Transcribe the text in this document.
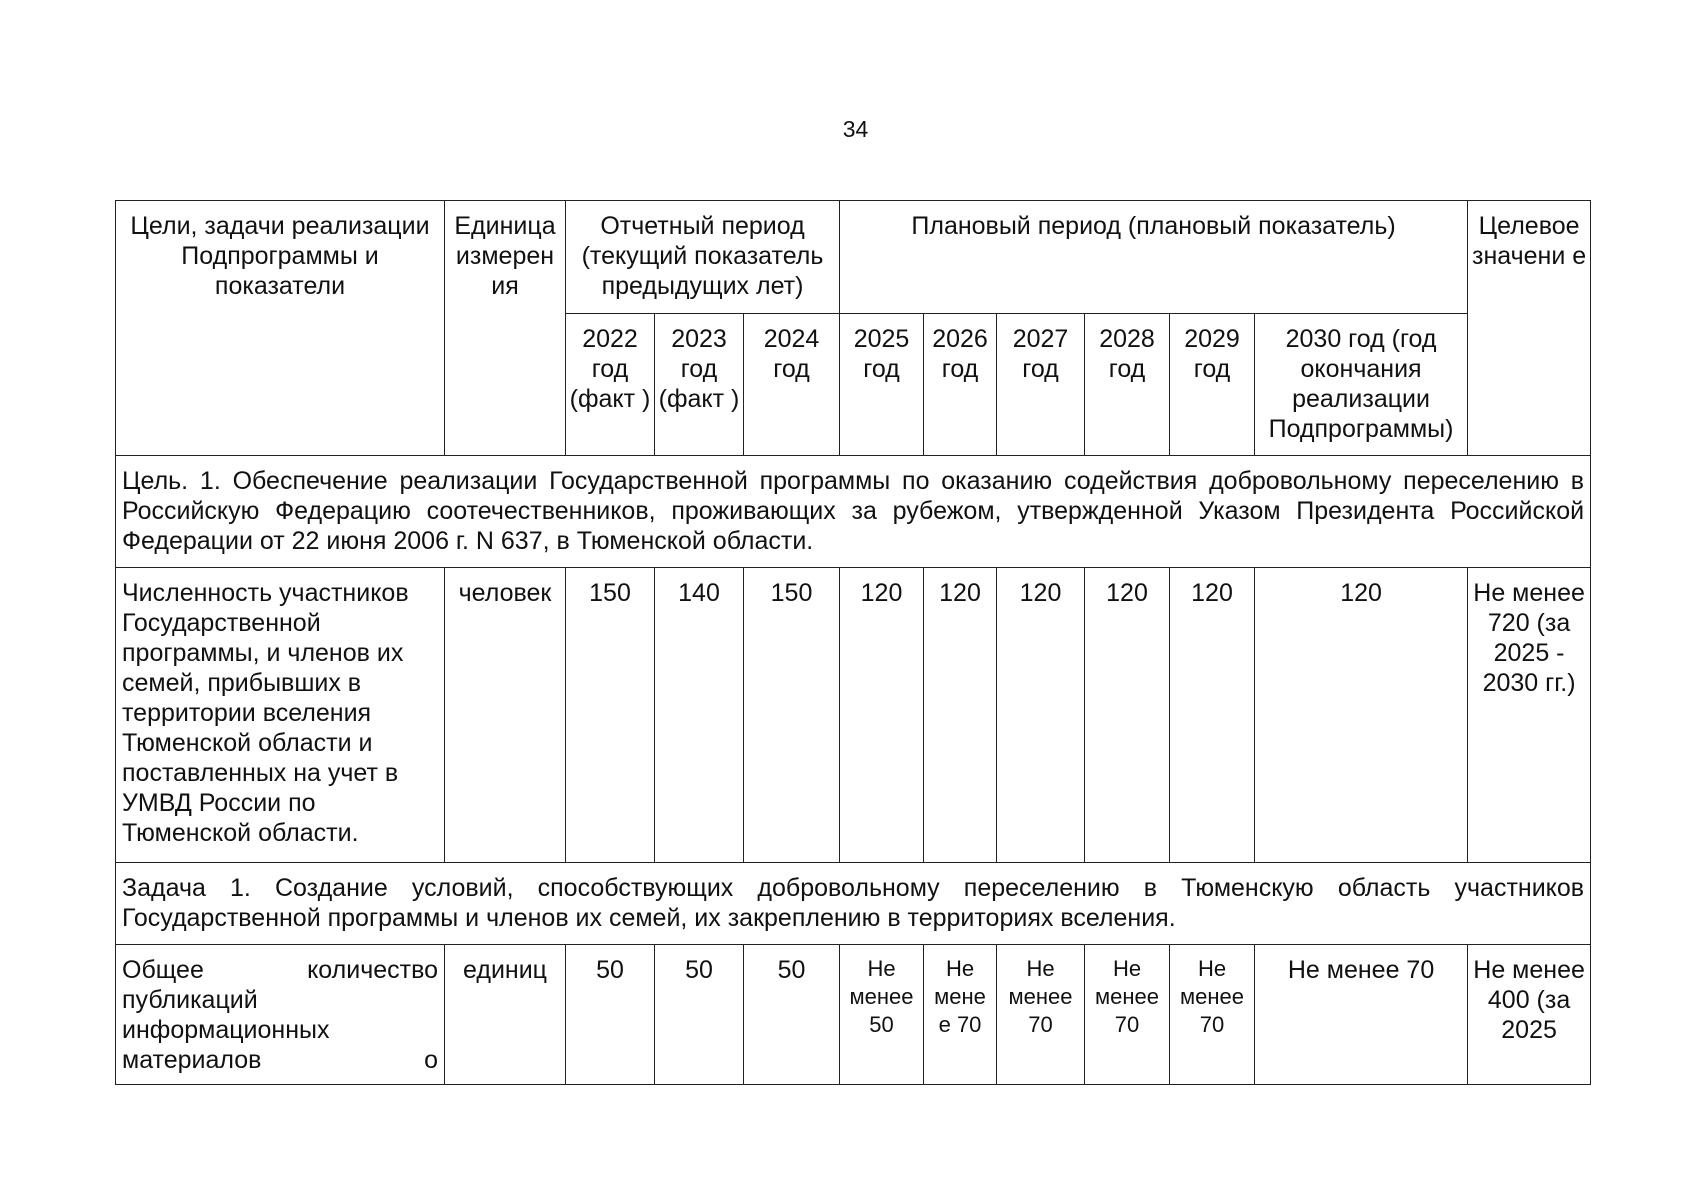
34
Цели, задачи реализации Подпрограммы и показатели	Единица измерен ия	Отчетный период (текущий показатель предыдущих лет)			Плановый период (плановый показатель)						Целевое значени е
		2022 год (факт )	2023 год (факт )	2024 год	2025 год	2026 год	2027 год	2028 год	2029 год	2030 год (год окончания реализации Подпрограммы)	
Цель. 1. Обеспечение реализации Государственной программы по оказанию содействия добровольному переселению в Российскую Федерацию соотечественников, проживающих за рубежом, утвержденной Указом Президента Российской Федерации от 22 июня 2006 г. N 637, в Тюменской области.											
Численность участников Государственной программы, и членов их семей, прибывших в территории вселения Тюменской области и поставленных на учет в УМВД России по Тюменской области.	человек	150	140	150	120	120	120	120	120	120	Не менее 720 (за 2025 - 2030 гг.)
Задача 1. Создание условий, способствующих добровольному переселению в Тюменскую область участников Государственной программы и членов их семей, их закреплению в территориях вселения.											
Общее количество публикаций информационных материалов о	единиц	50	50	50	Не менее 50	Не мене е 70	Не менее 70	Не менее 70	Не менее 70	Не менее 70	Не менее 400 (за 2025
